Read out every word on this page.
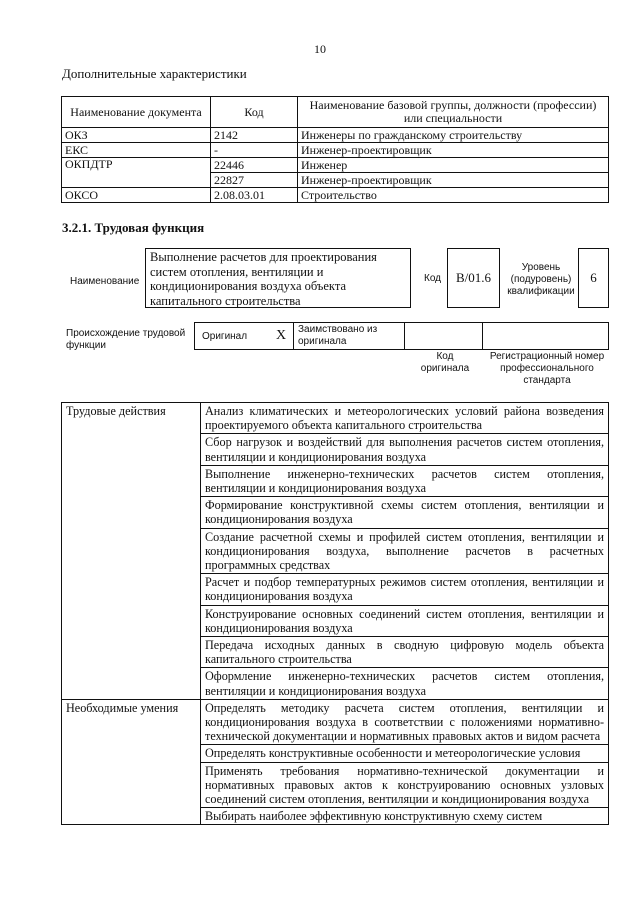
10
Дополнительные характеристики
Наименование документа	Код	Наименование базовой группы, должности (профессии) или специальности
ОКЗ	2142	Инженеры по гражданскому строительству
ЕКС	-	Инженер-проектировщик
ОКПДТР	22446	Инженер
	22827	Инженер-проектировщик
ОКСО	2.08.03.01	Строительство
3.2.1. Трудовая функция
Наименование
Выполнение расчетов для проектирования систем отопления, вентиляции и кондиционирования воздуха объекта капитального строительства
Код	B/01.6
Уровень (подуровень) квалификации
6
Происхождение трудовой функции
Оригинал X Заимствовано из оригинала
Код оригинала
Регистрационный номер профессионального стандарта
Трудовые действия	Анализ климатических и метеорологических условий района возведения проектируемого объекта капитального строительства
	Сбор нагрузок и воздействий для выполнения расчетов систем отопления, вентиляции и кондиционирования воздуха
	Выполнение инженерно-технических расчетов систем отопления, вентиляции и кондиционирования воздуха
	Формирование конструктивной схемы систем отопления, вентиляции и кондиционирования воздуха
	Создание расчетной схемы и профилей систем отопления, вентиляции и кондиционирования воздуха, выполнение расчетов в расчетных программных средствах
	Расчет и подбор температурных режимов систем отопления, вентиляции и кондиционирования воздуха
	Конструирование основных соединений систем отопления, вентиляции и кондиционирования воздуха
	Передача исходных данных в сводную цифровую модель объекта капитального строительства
	Оформление инженерно-технических расчетов систем отопления, вентиляции и кондиционирования воздуха
Необходимые умения	Определять методику расчета систем отопления, вентиляции и кондиционирования воздуха в соответствии с положениями нормативно-технической документации и нормативных правовых актов и видом расчета
	Определять конструктивные особенности и метеорологические условия
	Применять требования нормативно-технической документации и нормативных правовых актов к конструированию основных узловых соединений систем отопления, вентиляции и кондиционирования воздуха
	Выбирать наиболее эффективную конструктивную схему систем
